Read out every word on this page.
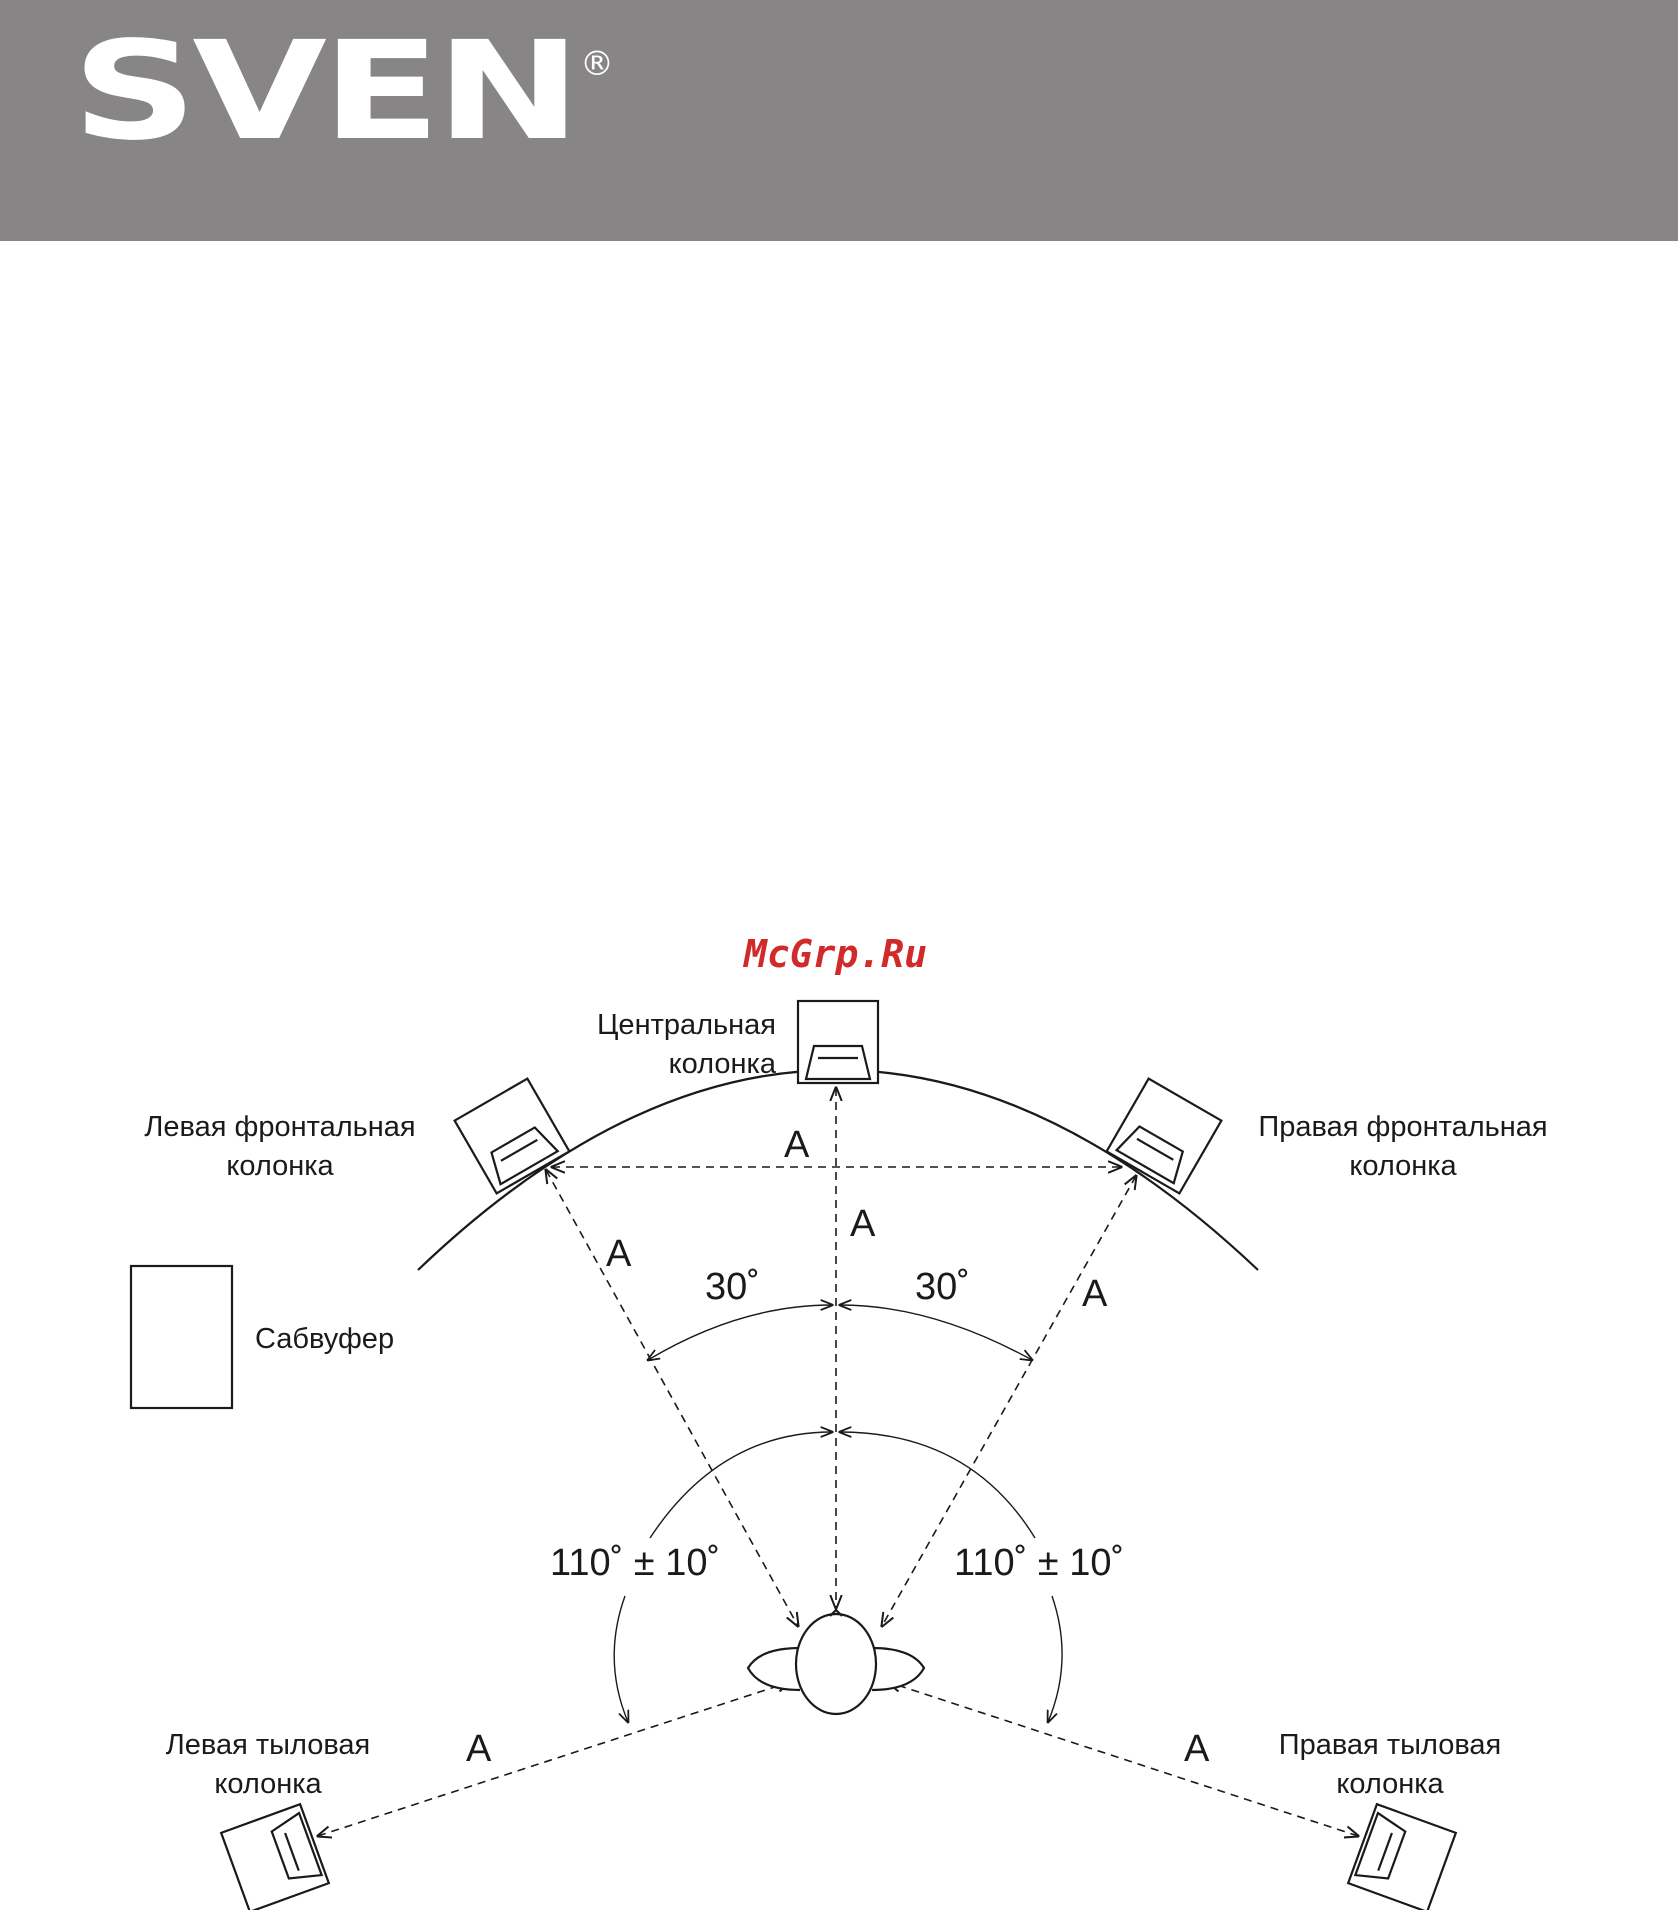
SVEN ®
McGrp.Ru
Центральная
колонка
Левая фронтальная
колонка
Правая фронтальная
колонка
Сабвуфер
Левая тыловая
колонка
Правая тыловая
колонка
A
A
A
A
A	A
30˚	30˚
110˚ ± 10˚	110˚ ± 10˚
